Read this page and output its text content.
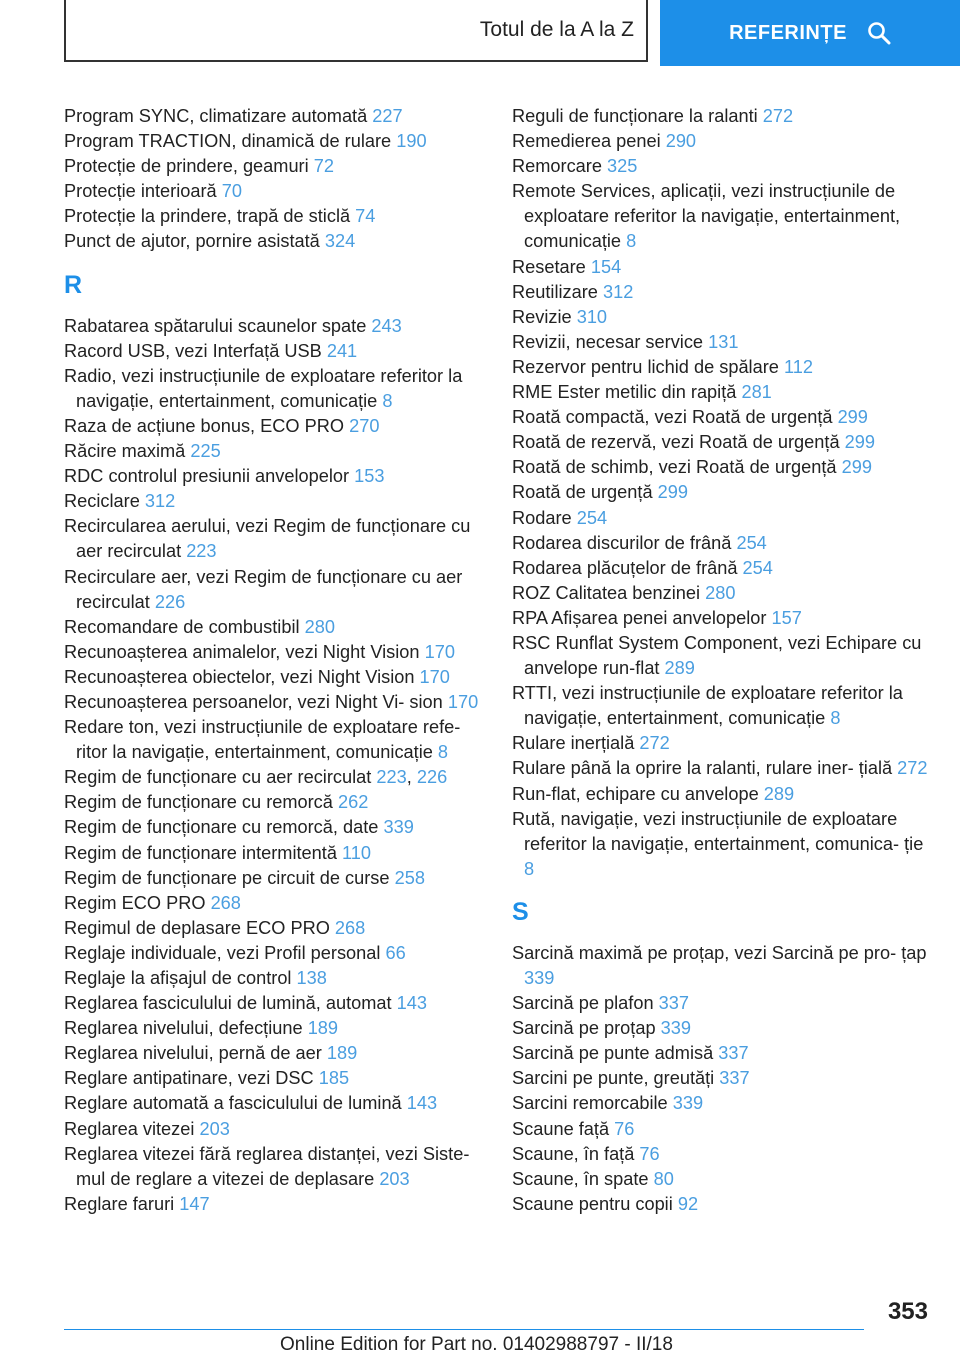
Totul de la A la Z	REFERINȚE
Program SYNC, climatizare automată 227
Program TRACTION, dinamică de rulare 190
Protecție de prindere, geamuri 72
Protecție interioară 70
Protecție la prindere, trapă de sticlă 74
Punct de ajutor, pornire asistată 324
R
Rabatarea spătarului scaunelor spate 243
Racord USB, vezi Interfață USB 241
Radio, vezi instrucțiunile de exploatare referitor la navigație, entertainment, comunicație 8
Raza de acțiune bonus, ECO PRO 270
Răcire maximă 225
RDC controlul presiunii anvelopelor 153
Reciclare 312
Recircularea aerului, vezi Regim de funcționare cu aer recirculat 223
Recirculare aer, vezi Regim de funcționare cu aer recirculat 226
Recomandare de combustibil 280
Recunoașterea animalelor, vezi Night Vision 170
Recunoașterea obiectelor, vezi Night Vision 170
Recunoașterea persoanelor, vezi Night Vi‐ sion 170
Redare ton, vezi instrucțiunile de exploatare refe‐ ritor la navigație, entertainment, comunicație 8
Regim de funcționare cu aer recirculat 223, 226
Regim de funcționare cu remorcă 262
Regim de funcționare cu remorcă, date 339
Regim de funcționare intermitentă 110
Regim de funcționare pe circuit de curse 258
Regim ECO PRO 268
Regimul de deplasare ECO PRO 268
Reglaje individuale, vezi Profil personal 66
Reglaje la afișajul de control 138
Reglarea fasciculului de lumină, automat 143
Reglarea nivelului, defecțiune 189
Reglarea nivelului, pernă de aer 189
Reglare antipatinare, vezi DSC 185
Reglare automată a fasciculului de lumină 143
Reglarea vitezei 203
Reglarea vitezei fără reglarea distanței, vezi Siste‐ mul de reglare a vitezei de deplasare 203
Reglare faruri 147
Reguli de funcționare la ralanti 272
Remedierea penei 290
Remorcare 325
Remote Services, aplicații, vezi instrucțiunile de exploatare referitor la navigație, entertainment, comunicație 8
Resetare 154
Reutilizare 312
Revizie 310
Revizii, necesar service 131
Rezervor pentru lichid de spălare 112
RME Ester metilic din rapiță 281
Roată compactă, vezi Roată de urgență 299
Roată de rezervă, vezi Roată de urgență 299
Roată de schimb, vezi Roată de urgență 299
Roată de urgență 299
Rodare 254
Rodarea discurilor de frână 254
Rodarea plăcuțelor de frână 254
ROZ Calitatea benzinei 280
RPA Afișarea penei anvelopelor 157
RSC Runflat System Component, vezi Echipare cu anvelope run-flat 289
RTTI, vezi instrucțiunile de exploatare referitor la navigație, entertainment, comunicație 8
Rulare inerțială 272
Rulare până la oprire la ralanti, rulare iner‐ țială 272
Run-flat, echipare cu anvelope 289
Rută, navigație, vezi instrucțiunile de exploatare referitor la navigație, entertainment, comunica‐ ție 8
S
Sarcină maximă pe proțap, vezi Sarcină pe pro‐ țap 339
Sarcină pe plafon 337
Sarcină pe proțap 339
Sarcină pe punte admisă 337
Sarcini pe punte, greutăți 337
Sarcini remorcabile 339
Scaune față 76
Scaune, în față 76
Scaune, în spate 80
Scaune pentru copii 92
353
Online Edition for Part no. 01402988797 - II/18
